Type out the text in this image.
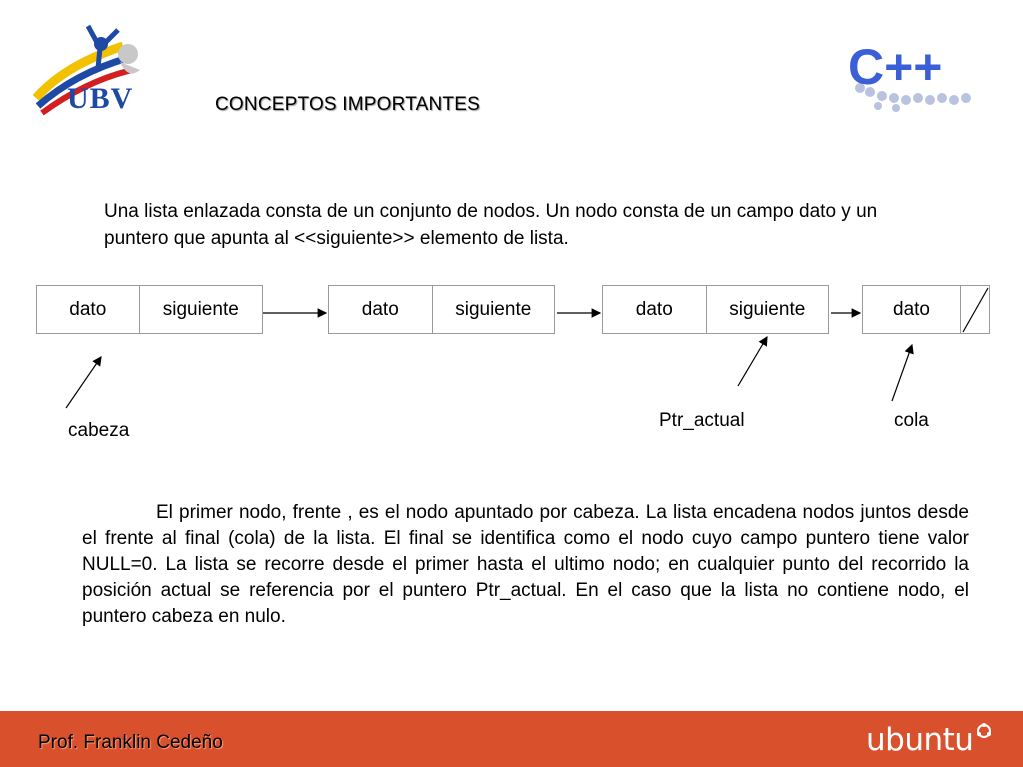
UBV
C++
CONCEPTOS IMPORTANTES
Una lista enlazada consta de un conjunto de nodos. Un nodo consta de un campo dato y un puntero que apunta al <<siguiente>> elemento de lista.
dato	siguiente	dato	siguiente	dato	siguiente	dato
cabeza	Ptr_actual	cola
El primer nodo, frente , es el nodo apuntado por cabeza. La lista encadena nodos juntos desde el frente al final (cola) de la lista. El final se identifica como el nodo cuyo campo puntero tiene valor NULL=0. La lista se recorre desde el primer hasta el ultimo nodo; en cualquier punto del recorrido la posición actual se referencia por el puntero Ptr_actual. En el caso que la lista no contiene nodo, el puntero cabeza en nulo.
Prof. Franklin Cedeño	ubuntu
